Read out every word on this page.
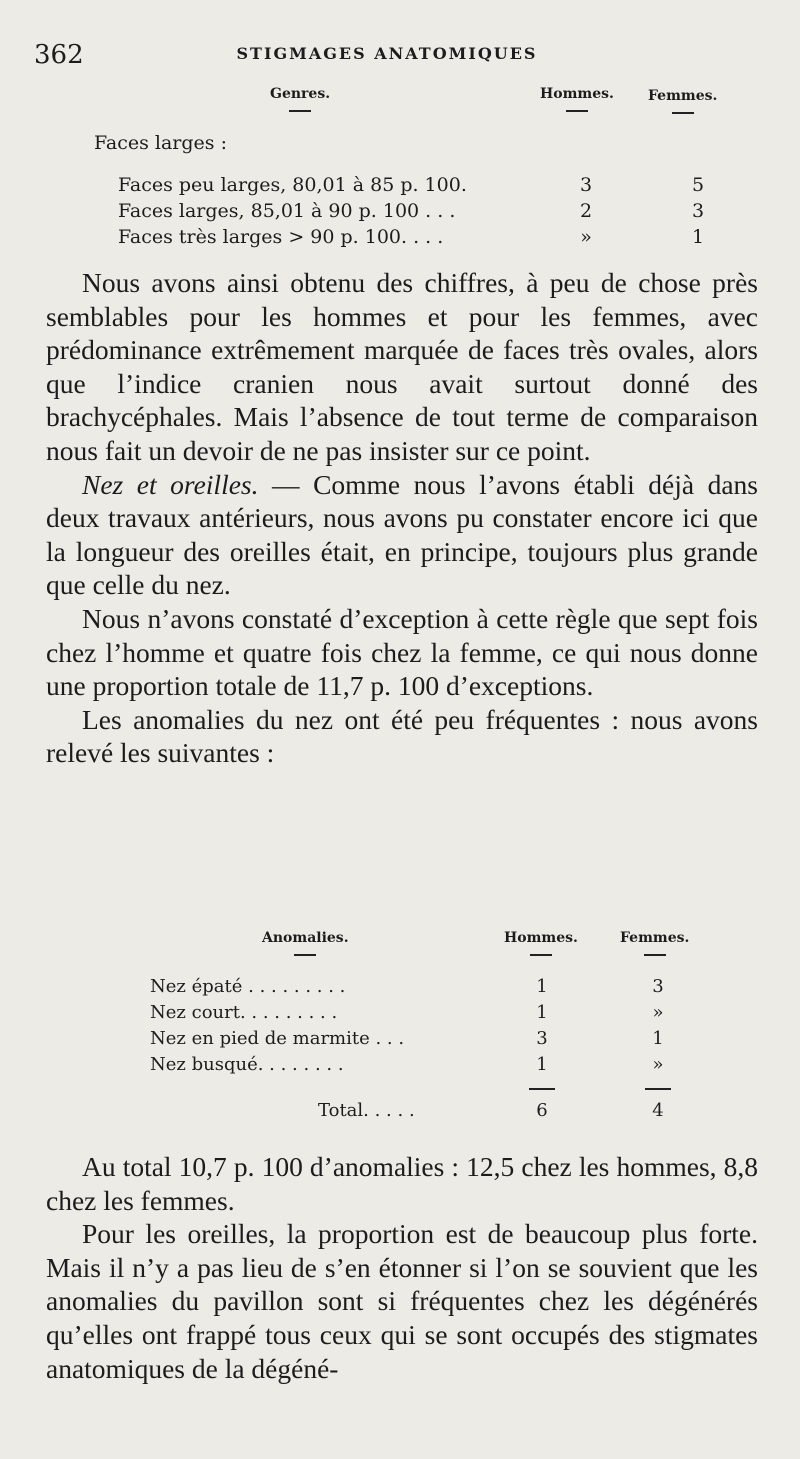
362	STIGMAGES ANATOMIQUES
Genres.	Hommes. Femmes.
Faces larges :
Faces peu larges, 80,01 à 85 p. 100.	3	5
Faces larges, 85,01 à 90 p. 100 . . .	2	3
Faces très larges > 90 p. 100. . . .	»	1

Nous avons ainsi obtenu des chiffres, à peu de chose près semblables pour les hommes et pour les femmes, avec prédominance extrêmement marquée de faces très ovales, alors que l’indice cranien nous avait surtout donné des brachycéphales. Mais l’absence de tout terme de comparaison nous fait un devoir de ne pas insister sur ce point.

Nez et oreilles. — Comme nous l’avons établi déjà dans deux travaux antérieurs, nous avons pu constater encore ici que la longueur des oreilles était, en principe, toujours plus grande que celle du nez.

Nous n’avons constaté d’exception à cette règle que sept fois chez l’homme et quatre fois chez la femme, ce qui nous donne une proportion totale de 11,7 p. 100 d’exceptions.

Les anomalies du nez ont été peu fréquentes : nous avons relevé les suivantes :

Anomalies.	Hommes.	Femmes.
Nez épaté . . . . . . . . .	1	3
Nez court. . . . . . . . .	1	»
Nez en pied de marmite . . .	3	1
Nez busqué. . . . . . . .	1	»
Total. . . . .	6	4

Au total 10,7 p. 100 d’anomalies : 12,5 chez les hommes, 8,8 chez les femmes.

Pour les oreilles, la proportion est de beaucoup plus forte. Mais il n’y a pas lieu de s’en étonner si l’on se souvient que les anomalies du pavillon sont si fréquentes chez les dégénérés qu’elles ont frappé tous ceux qui se sont occupés des stigmates anatomiques de la dégéné-
